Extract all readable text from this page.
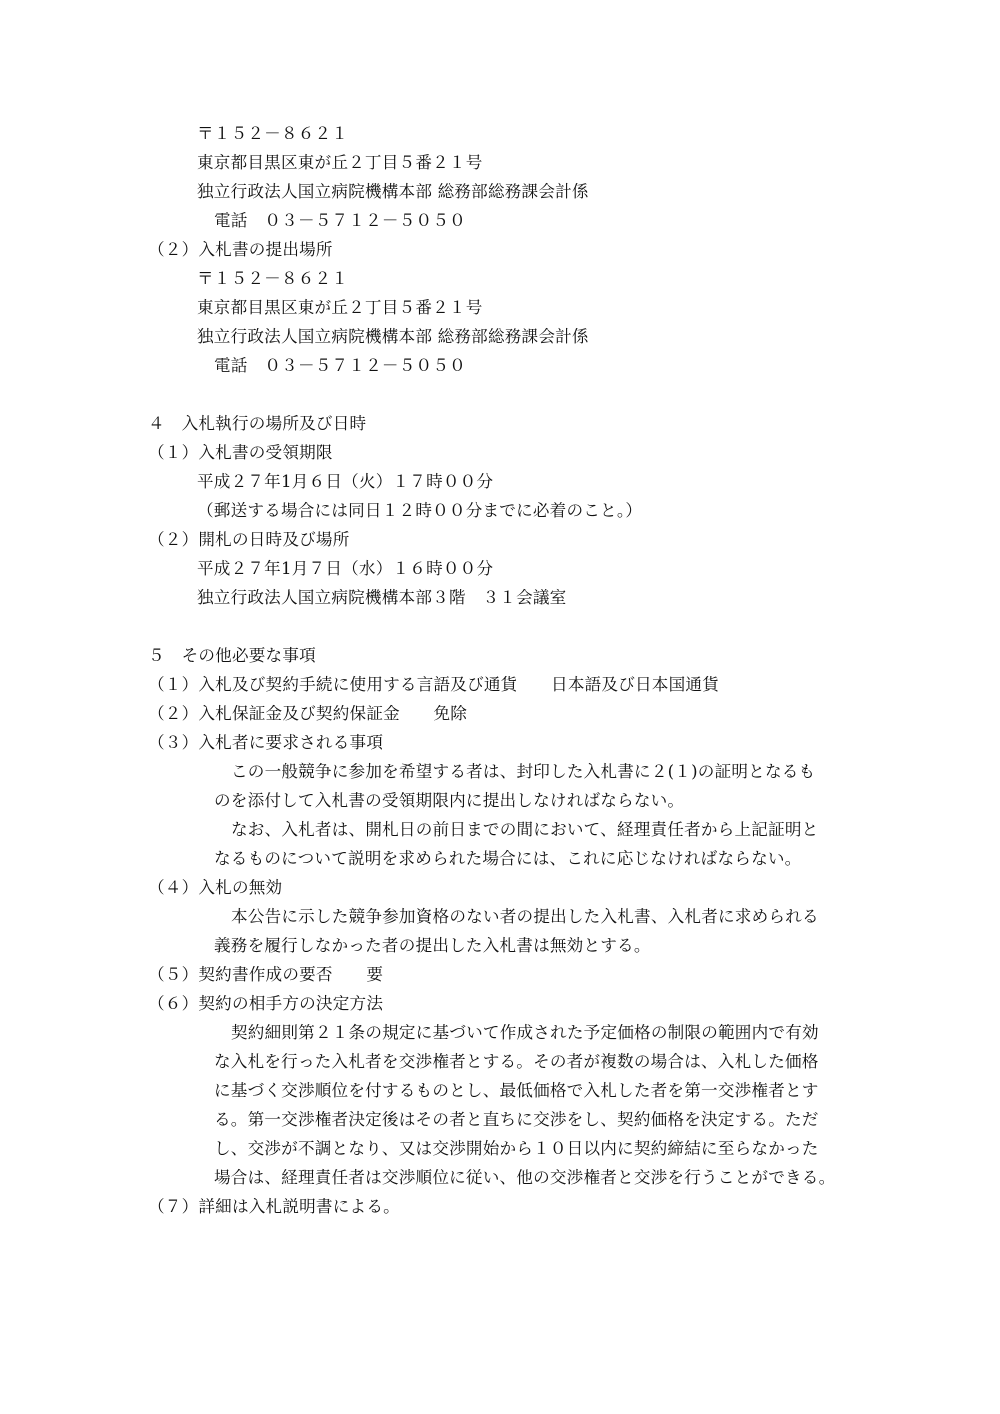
〒１５２－８６２１
東京都目黒区東が丘２丁目５番２１号
独立行政法人国立病院機構本部 総務部総務課会計係
電話　０３－５７１２－５０５０
（２）入札書の提出場所
〒１５２－８６２１
東京都目黒区東が丘２丁目５番２１号
独立行政法人国立病院機構本部 総務部総務課会計係
電話　０３－５７１２－５０５０
４　入札執行の場所及び日時
（１）入札書の受領期限
平成２７年1月６日（火）１７時００分
（郵送する場合には同日１２時００分までに必着のこと。）
（２）開札の日時及び場所
平成２７年1月７日（水）１６時００分
独立行政法人国立病院機構本部３階　３１会議室
５　その他必要な事項
（１）入札及び契約手続に使用する言語及び通貨　　日本語及び日本国通貨
（２）入札保証金及び契約保証金　　免除
（３）入札者に要求される事項
この一般競争に参加を希望する者は、封印した入札書に２(１)の証明となるも
のを添付して入札書の受領期限内に提出しなければならない。
なお、入札者は、開札日の前日までの間において、経理責任者から上記証明と
なるものについて説明を求められた場合には、これに応じなければならない。
（４）入札の無効
本公告に示した競争参加資格のない者の提出した入札書、入札者に求められる
義務を履行しなかった者の提出した入札書は無効とする。
（５）契約書作成の要否　　要
（６）契約の相手方の決定方法
契約細則第２１条の規定に基づいて作成された予定価格の制限の範囲内で有効
な入札を行った入札者を交渉権者とする。その者が複数の場合は、入札した価格
に基づく交渉順位を付するものとし、最低価格で入札した者を第一交渉権者とす
る。第一交渉権者決定後はその者と直ちに交渉をし、契約価格を決定する。ただ
し、交渉が不調となり、又は交渉開始から１０日以内に契約締結に至らなかった
場合は、経理責任者は交渉順位に従い、他の交渉権者と交渉を行うことができる。
（７）詳細は入札説明書による。
